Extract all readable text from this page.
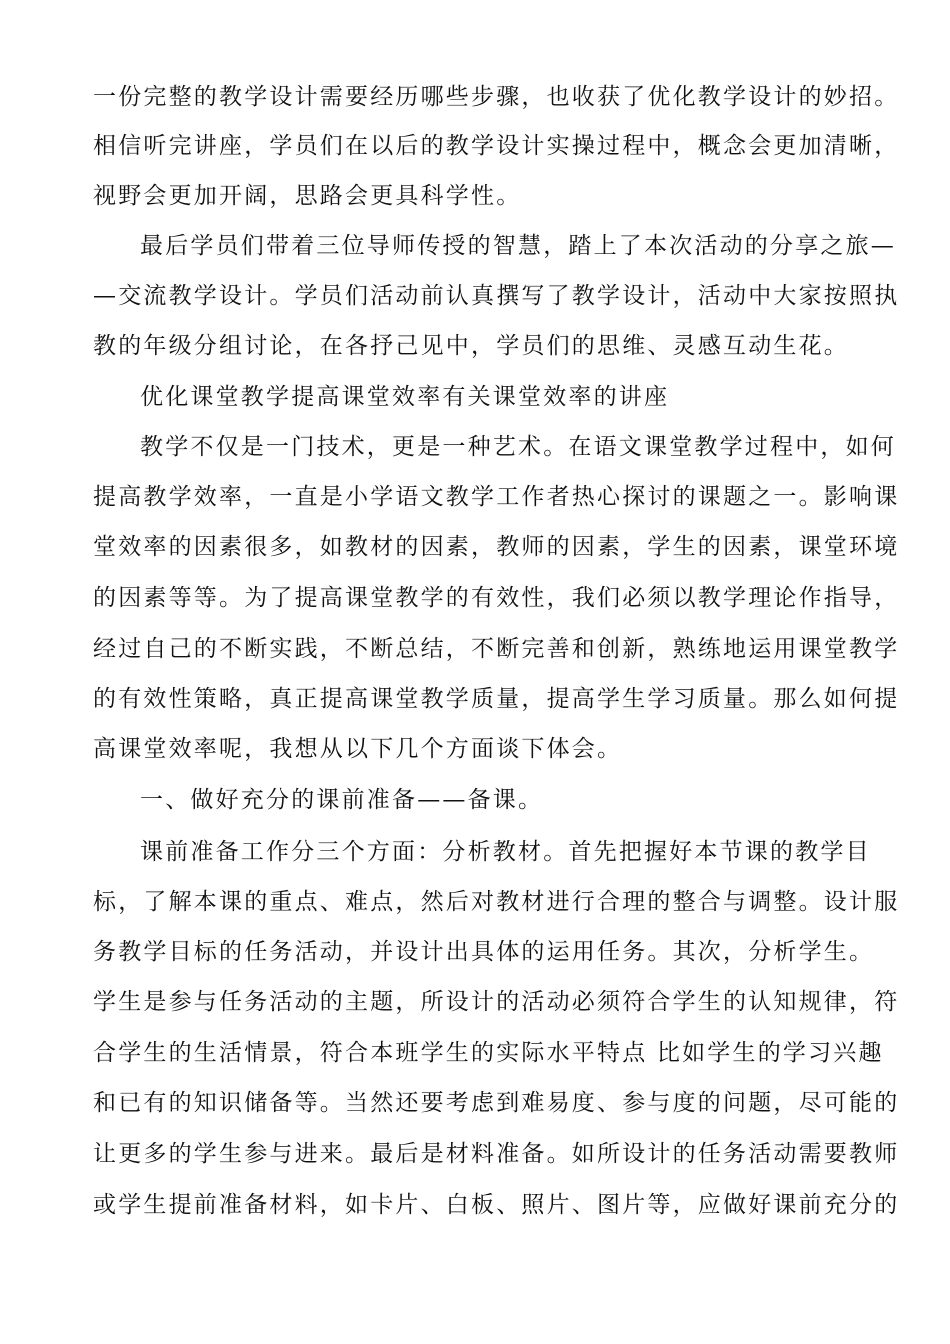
一份完整的教学设计需要经历哪些步骤，也收获了优化教学设计的妙招。
相信听完讲座，学员们在以后的教学设计实操过程中，概念会更加清晰，
视野会更加开阔，思路会更具科学性。
最后学员们带着三位导师传授的智慧，踏上了本次活动的分享之旅—
—交流教学设计。学员们活动前认真撰写了教学设计，活动中大家按照执
教的年级分组讨论，在各抒己见中，学员们的思维、灵感互动生花。
优化课堂教学提高课堂效率有关课堂效率的讲座
教学不仅是一门技术，更是一种艺术。在语文课堂教学过程中，如何
提高教学效率，一直是小学语文教学工作者热心探讨的课题之一。影响课
堂效率的因素很多，如教材的因素，教师的因素，学生的因素，课堂环境
的因素等等。为了提高课堂教学的有效性，我们必须以教学理论作指导，
经过自己的不断实践，不断总结，不断完善和创新，熟练地运用课堂教学
的有效性策略，真正提高课堂教学质量，提高学生学习质量。那么如何提
高课堂效率呢，我想从以下几个方面谈下体会。
一、做好充分的课前准备——备课。
课前准备工作分三个方面：分析教材。首先把握好本节课的教学目
标，了解本课的重点、难点，然后对教材进行合理的整合与调整。设计服
务教学目标的任务活动，并设计出具体的运用任务。其次，分析学生。
学生是参与任务活动的主题，所设计的活动必须符合学生的认知规律，符
合学生的生活情景，符合本班学生的实际水平特点 比如学生的学习兴趣
和已有的知识储备等。当然还要考虑到难易度、参与度的问题，尽可能的
让更多的学生参与进来。最后是材料准备。如所设计的任务活动需要教师
或学生提前准备材料，如卡片、白板、照片、图片等，应做好课前充分的
